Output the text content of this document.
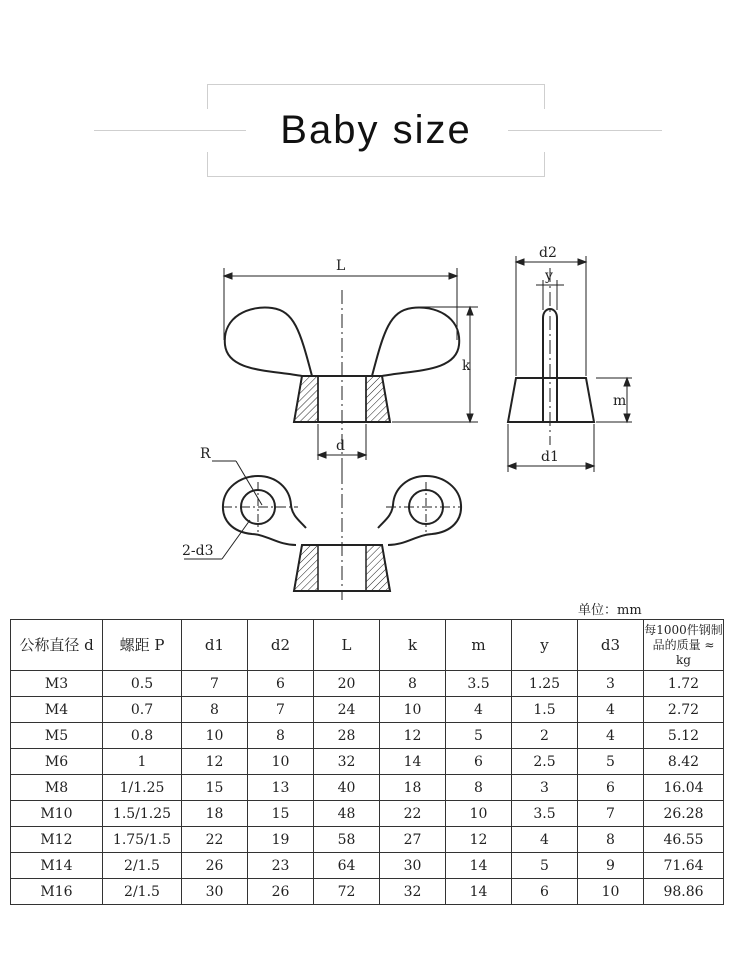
Baby size
L
k
d
d2
y
m
d1
R
2-d3
单位：mm
公称直径 d	螺距 P	d1	d2	L	k	m	y	d3	每1000件钢制品的质量 ≈ kg
M3	0.5	7	6	20	8	3.5	1.25	3	1.72
M4	0.7	8	7	24	10	4	1.5	4	2.72
M5	0.8	10	8	28	12	5	2	4	5.12
M6	1	12	10	32	14	6	2.5	5	8.42
M8	1/1.25	15	13	40	18	8	3	6	16.04
M10	1.5/1.25	18	15	48	22	10	3.5	7	26.28
M12	1.75/1.5	22	19	58	27	12	4	8	46.55
M14	2/1.5	26	23	64	30	14	5	9	71.64
M16	2/1.5	30	26	72	32	14	6	10	98.86
